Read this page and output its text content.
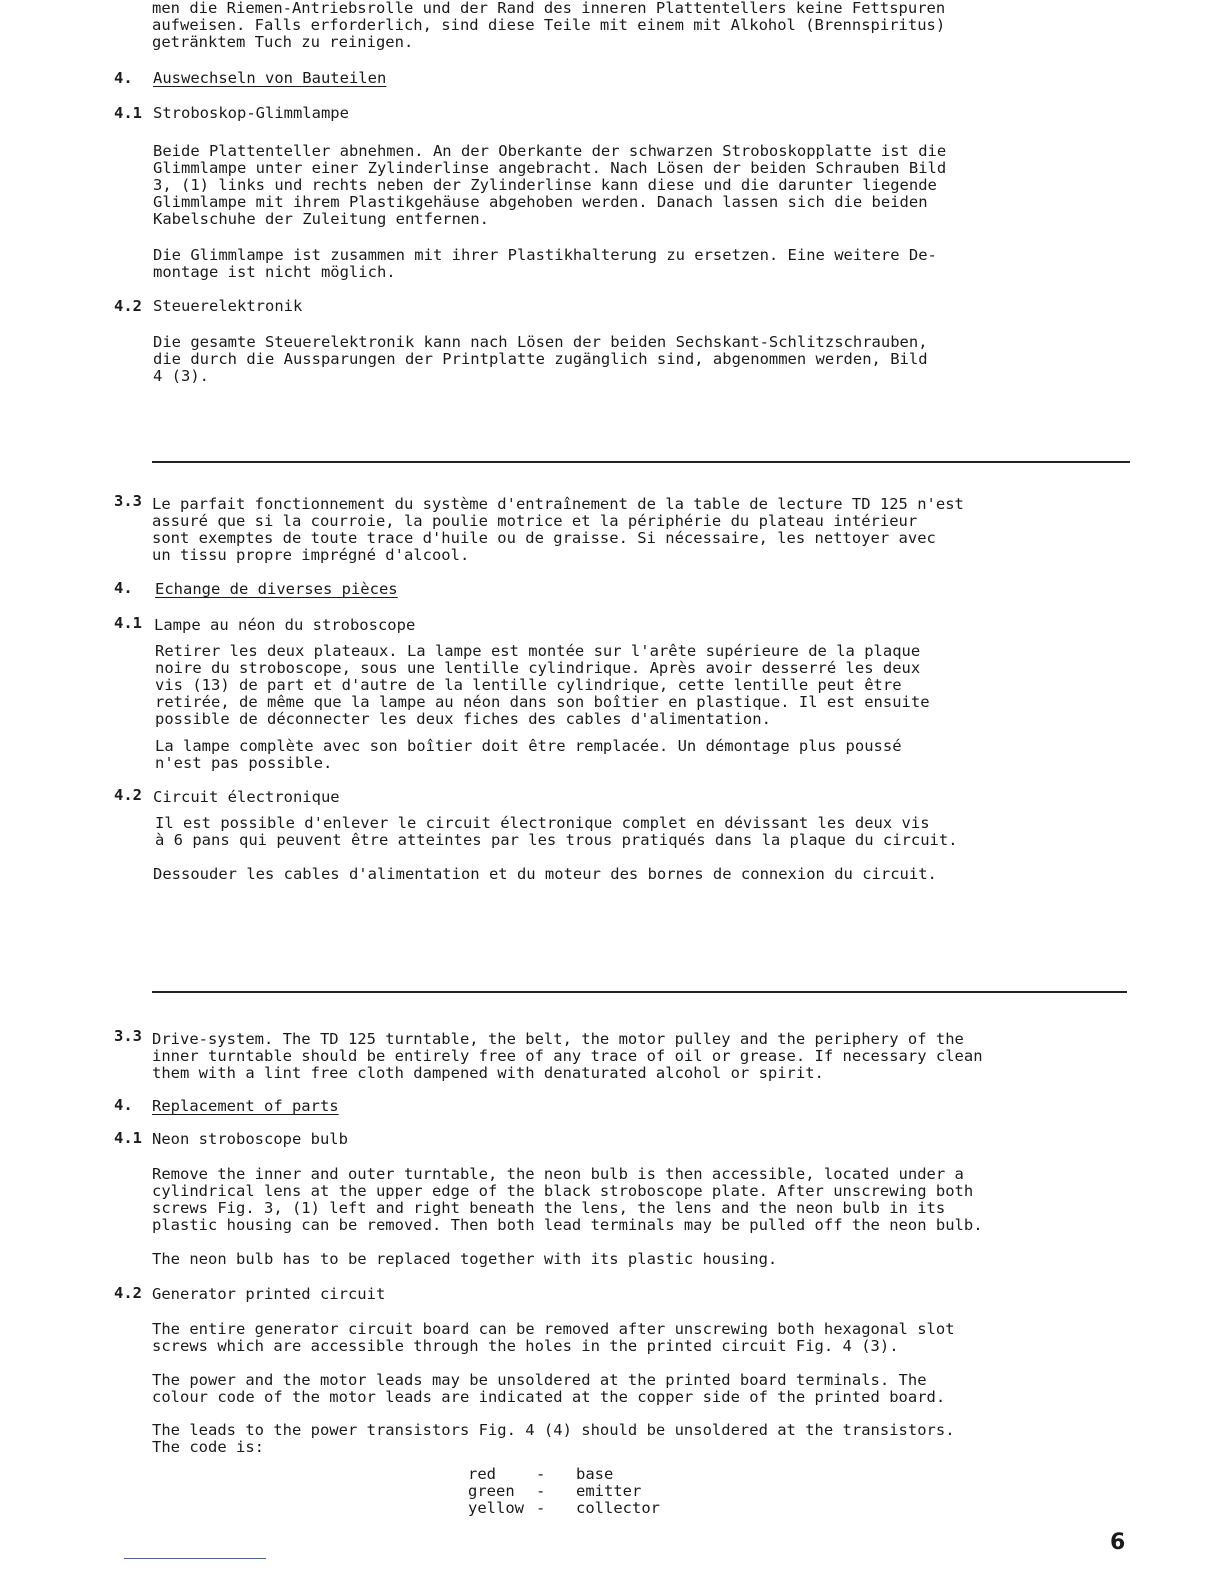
men die Riemen-Antriebsrolle und der Rand des inneren Plattentellers keine Fettspuren
aufweisen. Falls erforderlich, sind diese Teile mit einem mit Alkohol (Brennspiritus)
getränktem Tuch zu reinigen.
4. Auswechseln von Bauteilen
4.1 Stroboskop-Glimmlampe
Beide Plattenteller abnehmen. An der Oberkante der schwarzen Stroboskopplatte ist die
Glimmlampe unter einer Zylinderlinse angebracht. Nach Lösen der beiden Schrauben Bild
3, (1) links und rechts neben der Zylinderlinse kann diese und die darunter liegende
Glimmlampe mit ihrem Plastikgehäuse abgehoben werden. Danach lassen sich die beiden
Kabelschuhe der Zuleitung entfernen.
Die Glimmlampe ist zusammen mit ihrer Plastikhalterung zu ersetzen. Eine weitere De-
montage ist nicht möglich.
4.2 Steuerelektronik
Die gesamte Steuerelektronik kann nach Lösen der beiden Sechskant-Schlitzschrauben,
die durch die Aussparungen der Printplatte zugänglich sind, abgenommen werden, Bild
4 (3).
3.3 Le parfait fonctionnement du système d'entraînement de la table de lecture TD 125 n'est
assuré que si la courroie, la poulie motrice et la périphérie du plateau intérieur
sont exemptes de toute trace d'huile ou de graisse. Si nécessaire, les nettoyer avec
un tissu propre imprégné d'alcool.
4. Echange de diverses pièces
4.1 Lampe au néon du stroboscope
Retirer les deux plateaux. La lampe est montée sur l'arête supérieure de la plaque
noire du stroboscope, sous une lentille cylindrique. Après avoir desserré les deux
vis (13) de part et d'autre de la lentille cylindrique, cette lentille peut être
retirée, de même que la lampe au néon dans son boîtier en plastique. Il est ensuite
possible de déconnecter les deux fiches des cables d'alimentation.
La lampe complète avec son boîtier doit être remplacée. Un démontage plus poussé
n'est pas possible.
4.2 Circuit électronique
Il est possible d'enlever le circuit électronique complet en dévissant les deux vis
à 6 pans qui peuvent être atteintes par les trous pratiqués dans la plaque du circuit.
Dessouder les cables d'alimentation et du moteur des bornes de connexion du circuit.
3.3 Drive-system. The TD 125 turntable, the belt, the motor pulley and the periphery of the
inner turntable should be entirely free of any trace of oil or grease. If necessary clean
them with a lint free cloth dampened with denaturated alcohol or spirit.
4. Replacement of parts
4.1 Neon stroboscope bulb
Remove the inner and outer turntable, the neon bulb is then accessible, located under a
cylindrical lens at the upper edge of the black stroboscope plate. After unscrewing both
screws Fig. 3, (1) left and right beneath the lens, the lens and the neon bulb in its
plastic housing can be removed. Then both lead terminals may be pulled off the neon bulb.
The neon bulb has to be replaced together with its plastic housing.
4.2 Generator printed circuit
The entire generator circuit board can be removed after unscrewing both hexagonal slot
screws which are accessible through the holes in the printed circuit Fig. 4 (3).
The power and the motor leads may be unsoldered at the printed board terminals. The
colour code of the motor leads are indicated at the copper side of the printed board.
The leads to the power transistors Fig. 4 (4) should be unsoldered at the transistors.
The code is:
red	-	base
green	-	emitter
yellow	-	collector
6
